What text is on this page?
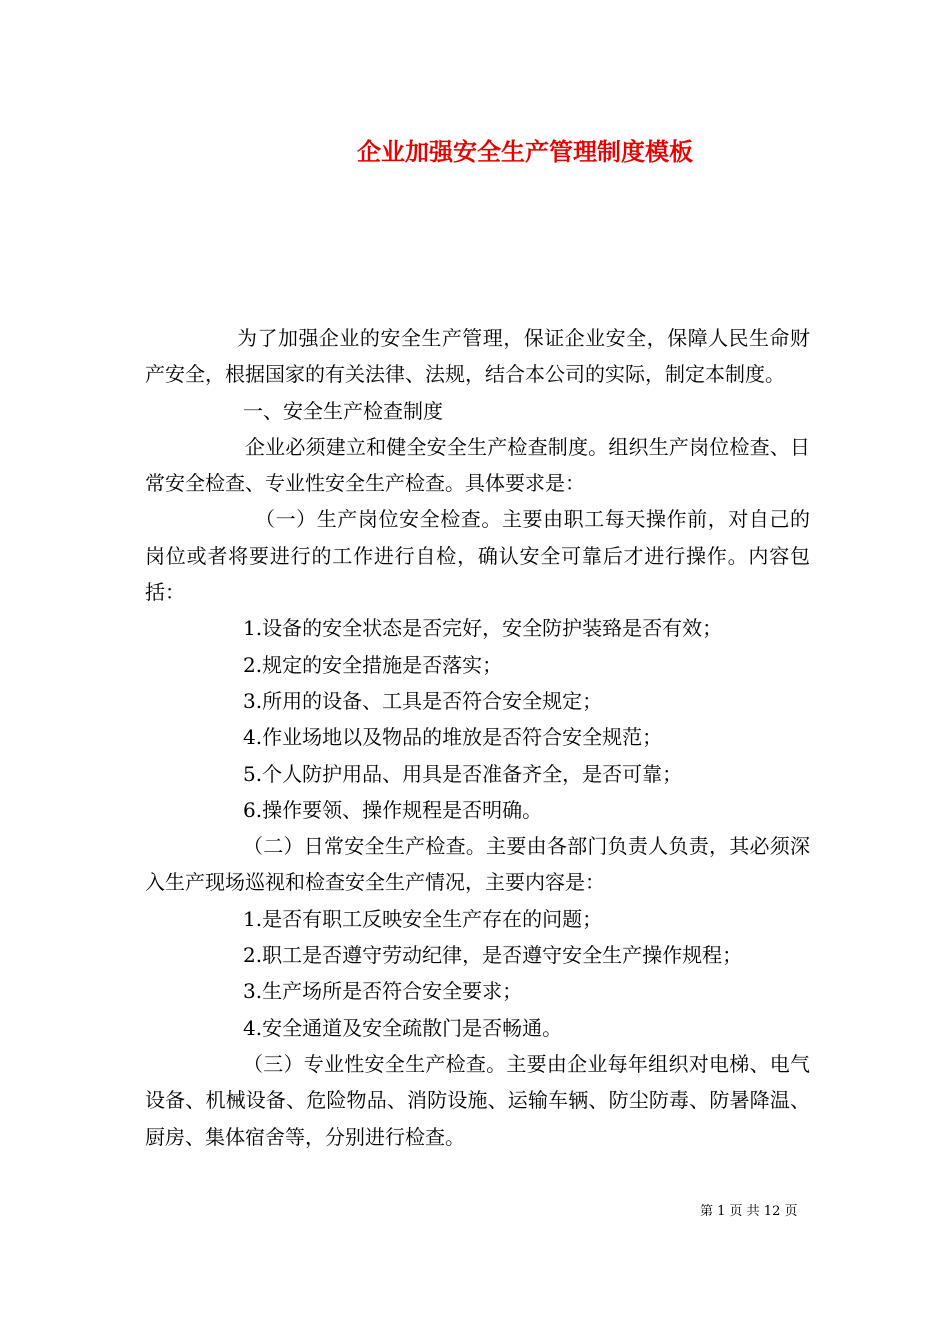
企业加强安全生产管理制度模板

为了加强企业的安全生产管理，保证企业安全，保障人民生命财产安全，根据国家的有关法律、法规，结合本公司的实际，制定本制度。

一、安全生产检查制度

企业必须建立和健全安全生产检查制度。组织生产岗位检查、日常安全检查、专业性安全生产检查。具体要求是：

（一）生产岗位安全检查。主要由职工每天操作前，对自己的岗位或者将要进行的工作进行自检，确认安全可靠后才进行操作。内容包括：

1.设备的安全状态是否完好，安全防护装臵是否有效；

2.规定的安全措施是否落实；

3.所用的设备、工具是否符合安全规定；

4.作业场地以及物品的堆放是否符合安全规范；

5.个人防护用品、用具是否准备齐全，是否可靠；

6.操作要领、操作规程是否明确。

（二）日常安全生产检查。主要由各部门负责人负责，其必须深入生产现场巡视和检查安全生产情况，主要内容是：

1.是否有职工反映安全生产存在的问题；

2.职工是否遵守劳动纪律，是否遵守安全生产操作规程；

3.生产场所是否符合安全要求；

4.安全通道及安全疏散门是否畅通。

（三）专业性安全生产检查。主要由企业每年组织对电梯、电气设备、机械设备、危险物品、消防设施、运输车辆、防尘防毒、防暑降温、厨房、集体宿舍等，分别进行检查。

第 1 页 共 12 页
